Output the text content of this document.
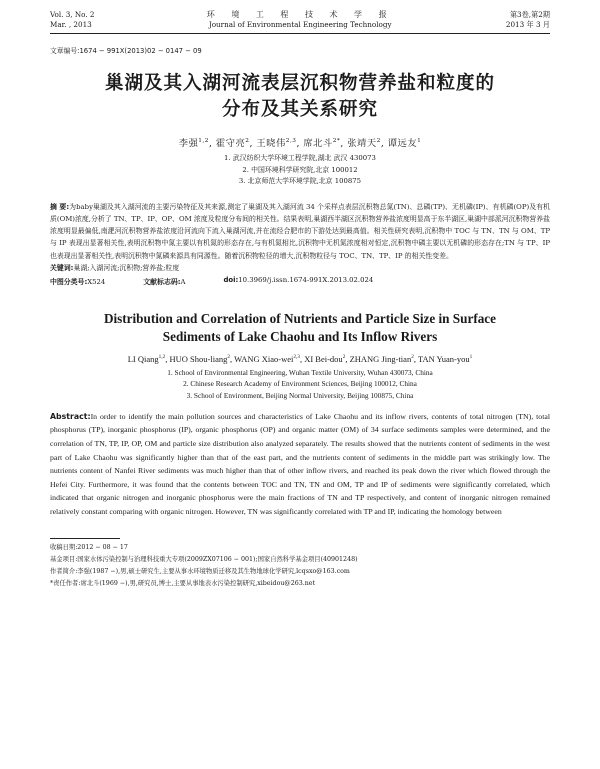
Vol. 3, No. 2
Mar. , 2013
环 境 工 程 技 术 学 报
Journal of Environmental Engineering Technology
第3卷,第2期
2013 年 3 月
文章编号:1674 − 991X(2013)02 − 0147 − 09
巢湖及其入湖河流表层沉积物营养盐和粒度的
分布及其关系研究
李强$^{1,2}$, 霍守亮$^2$, 王晓伟$^{2,3}$, 席北斗$^{2*}$, 张靖天$^2$, 谭远友$^1$
1. 武汉纺织大学环境工程学院,湖北 武汉 430073
2. 中国环境科学研究院,北京 100012
3. 北京师范大学环境学院,北京 100875
摘 要:为baby巢湖及其入湖河流的主要污染特征及其来源,测定了巢湖及其入湖河流 34 个采样点表层沉积物总氮(TN)、总磷(TP)、无机磷(IP)、有机磷(OP)及有机质(OM)浓度,分析了 TN、TP、IP、OP、OM 浓度及粒度分布间的相关性。结果表明,巢湖西半湖区沉积物营养盐浓度明显高于东半湖区,巢湖中部派河沉积物营养盐浓度明显最偏低,南淝河沉积物营养盐浓度沿河流向下流入巢湖河流,并在流经合肥市的下游处达到最高值。相关性研究表明,沉积物中 TOC 与 TN、TN 与 OM、TP 与 IP 表现出显著相关性,表明沉积物中氮主要以有机氮的形态存在,与有机氮相比,沉积物中无机氮浓度相对恒定,沉积物中磷主要以无机磷的形态存在;TN 与 TP、IP 也表现出显著相关性,表明沉积物中氮磷来源具有同源性。随着沉积物粒径的增大,沉积物粒径与 TOC、TN、TP、IP 的相关性变差。
关键词:巢湖;入湖河流;沉积物;营养盐;粒度
中图分类号:X524	文献标志码:A	doi:10.3969/j.issn.1674-991X.2013.02.024
Distribution and Correlation of Nutrients and Particle Size in Surface
Sediments of Lake Chaohu and Its Inflow Rivers
LI Qiang$^{1,2}$, HUO Shou-liang$^2$, WANG Xiao-wei$^{2,3}$, XI Bei-dou$^2$, ZHANG Jing-tian$^2$, TAN Yuan-you$^1$
1. School of Environmental Engineering, Wuhan Textile University, Wuhan 430073, China
2. Chinese Research Academy of Environment Sciences, Beijing 100012, China
3. School of Environment, Beijing Normal University, Beijing 100875, China
Abstract:In order to identify the main pollution sources and characteristics of Lake Chaohu and its inflow rivers, contents of total nitrogen (TN), total phosphorus (TP), inorganic phosphorus (IP), organic phosphorus (OP) and organic matter (OM) of 34 surface sediments samples were determined, and the correlation of TN, TP, IP, OP, OM and particle size distribution also analyzed separately. The results showed that the nutrients content of sediments in the west part of Lake Chaohu was significantly higher than that of the east part, and the nutrients content of sediments in the middle part was strikingly low. The nutrients content of Nanfei River sediments was much higher than that of other inflow rivers, and reached its peak down the river which flowed through the Hefei City. Furthermore, it was found that the contents between TOC and TN, TN and OM, TP and IP of sediments were significantly correlated, which indicated that organic nitrogen and inorganic phosphorus were the main fractions of TN and TP respectively, and content of inorganic nitrogen remained relatively constant comparing with organic nitrogen. However, TN was significantly correlated with TP and IP, indicating the homology between
收稿日期:2012 − 08 − 17
基金项目:国家水体污染控制与治理科技重大专项(2009ZX07106 − 001);国家自然科学基金项目(40901248)
作者简介:李强(1987 −),男,硕士研究生,主要从事水环境物质迁移及其生物地球化学研究,lcqsxo@163.com
*责任作者:席北斗(1969 −),男,研究员,博士,主要从事地表水污染控制研究,xibeidou@263.net
